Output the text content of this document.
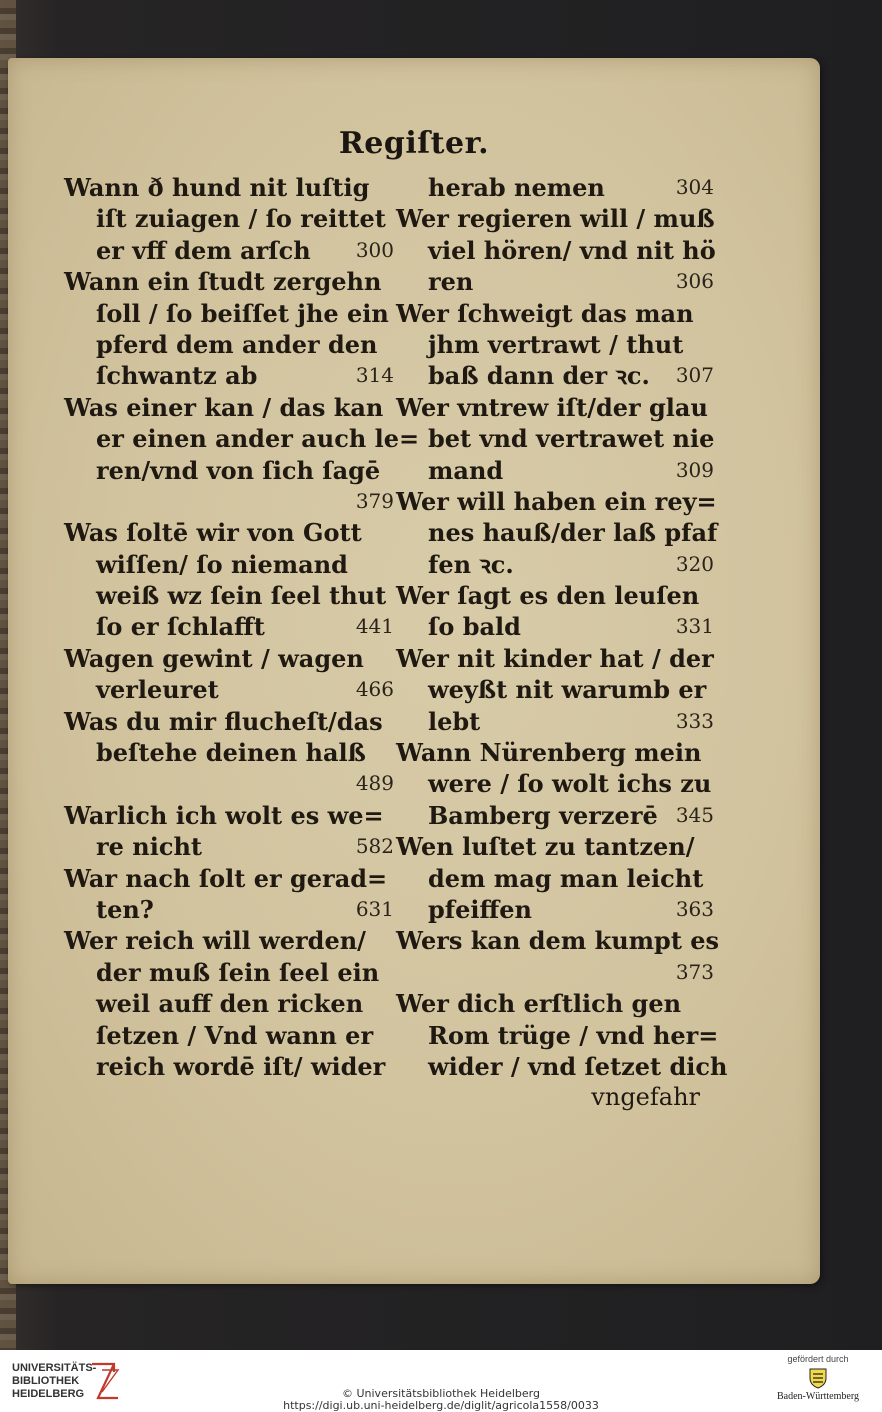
Regiſter.
Wann ð hund nit luſtig
iſt zuiagen / ſo reittet
er vff dem arſch 300
Wann ein ſtudt zergehn
ſoll / ſo beiſſet jhe ein
pferd dem ander den
ſchwantz ab	314
Was einer kan / das kan
er einen ander auch le=
ren/vnd von ſich ſagē
379
Was ſoltē wir von Gott
wiſſen/ ſo niemand
weiß wz ſein ſeel thut
ſo er ſchlafft	441
Wagen gewint / wagen
verleuret	466
Was du mir flucheſt/das
beſtehe deinen halß
489
Warlich ich wolt es we=
re nicht	582
War nach ſolt er gerad=
ten?	631
Wer reich will werden/
der muß ſein ſeel ein
weil auff den ricken
ſetzen / Vnd wann er
reich wordē iſt/ wider
herab nemen	304
Wer regieren will / muß
viel hören/ vnd nit hö
ren	306
Wer ſchweigt das man
jhm vertrawt / thut
baß dann der ꝛc. 307
Wer vntrew iſt/der glau
bet vnd vertrawet nie
mand	309
Wer will haben ein rey=
nes hauß/der laß pfaf
fen ꝛc.	320
Wer ſagt es den leuſen
ſo bald	331
Wer nit kinder hat / der
weyßt nit warumb er
lebt	333
Wann Nürenberg mein
were / ſo wolt ichs zu
Bamberg verzerē 345
Wen luſtet zu tantzen/
dem mag man leicht
pfeiffen	363
Wers kan dem kumpt es
373
Wer dich erſtlich gen
Rom trüge / vnd her=
wider / vnd ſetzet dich
vngefahr
UNIVERSITÄTS-
BIBLIOTHEK
HEIDELBERG	© Universitätsbibliothek Heidelberg
https://digi.ub.uni-heidelberg.de/diglit/agricola1558/0033
gefördert durch
Baden-Württemberg
